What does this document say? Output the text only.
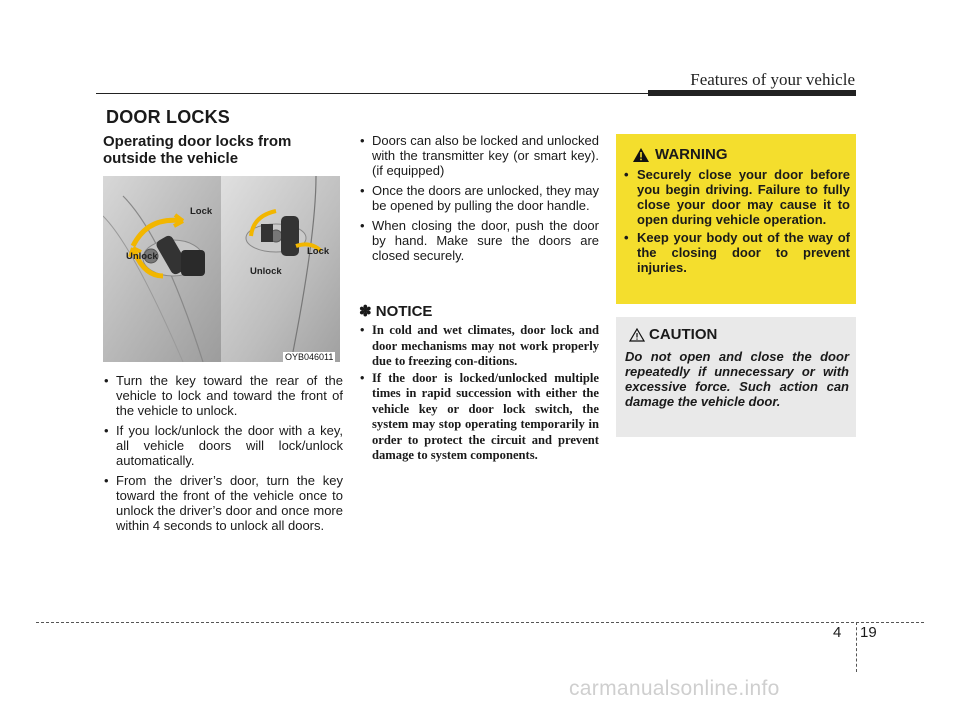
Features of your vehicle
DOOR LOCKS
Operating door locks from outside the vehicle
Lock
Unlock	Lock
Unlock
OYB046011
• Turn the key toward the rear of the vehicle to lock and toward the front of the vehicle to unlock.
• If you lock/unlock the door with a key, all vehicle doors will lock/unlock automatically.
• From the driver’s door, turn the key toward the front of the vehicle once to unlock the driver’s door and once more within 4 seconds to unlock all doors.
• Doors can also be locked and unlocked with the transmitter key (or smart key). (if equipped)
• Once the doors are unlocked, they may be opened by pulling the door handle.
• When closing the door, push the door by hand. Make sure the doors are closed securely.
✽ NOTICE
• In cold and wet climates, door lock and door mechanisms may not work properly due to freezing con-ditions.
• If the door is locked/unlocked multiple times in rapid succession with either the vehicle key or door lock switch, the system may stop operating temporarily in order to protect the circuit and prevent damage to system components.
WARNING
• Securely close your door before you begin driving. Failure to fully close your door may cause it to open during vehicle operation.
• Keep your body out of the way of the closing door to prevent injuries.
CAUTION
Do not open and close the door repeatedly if unnecessary or with excessive force. Such action can damage the vehicle door.
4 19
carmanualsonline.info
